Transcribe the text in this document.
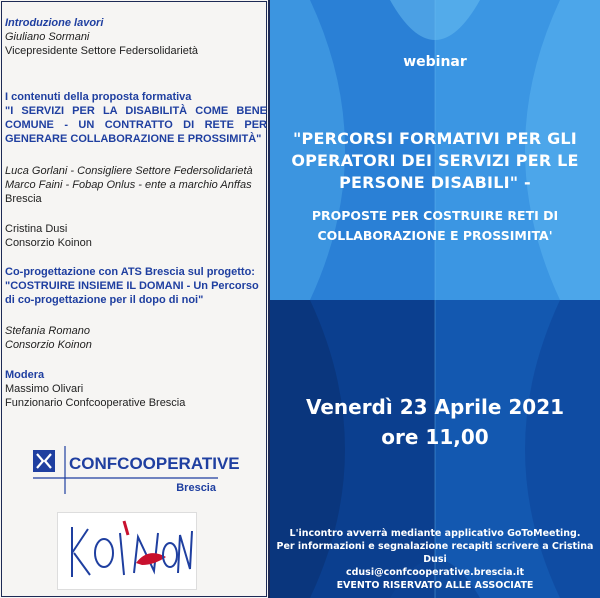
Introduzione lavori
Giuliano Sormani
Vicepresidente Settore Federsolidarietà
I contenuti della proposta formativa
"I SERVIZI PER LA DISABILITÀ COME BENE COMUNE - UN CONTRATTO DI RETE PER GENERARE COLLABORAZIONE E PROSSIMITÀ"
Luca Gorlani - Consigliere Settore Federsolidarietà
Marco Faini - Fobap Onlus - ente a marchio Anffas
Brescia
Cristina Dusi
Consorzio Koinon
Co-progettazione con ATS Brescia sul progetto:
"COSTRUIRE INSIEME IL DOMANI - Un Percorso di co-progettazione per il dopo di noi"
Stefania Romano
Consorzio Koinon
Modera
Massimo Olivari
Funzionario Confcooperative Brescia
CONFCOOPERATIVE
Brescia
webinar
"PERCORSI FORMATIVI PER GLI OPERATORI DEI SERVIZI PER LE PERSONE DISABILI" -
PROPOSTE PER COSTRUIRE RETI DI COLLABORAZIONE E PROSSIMITA'
Venerdì 23 Aprile 2021
ore 11,00
L'incontro avverrà mediante applicativo GoToMeeting.
Per informazioni e segnalazione recapiti scrivere a Cristina Dusi
cdusi@confcooperative.brescia.it
EVENTO RISERVATO ALLE ASSOCIATE
